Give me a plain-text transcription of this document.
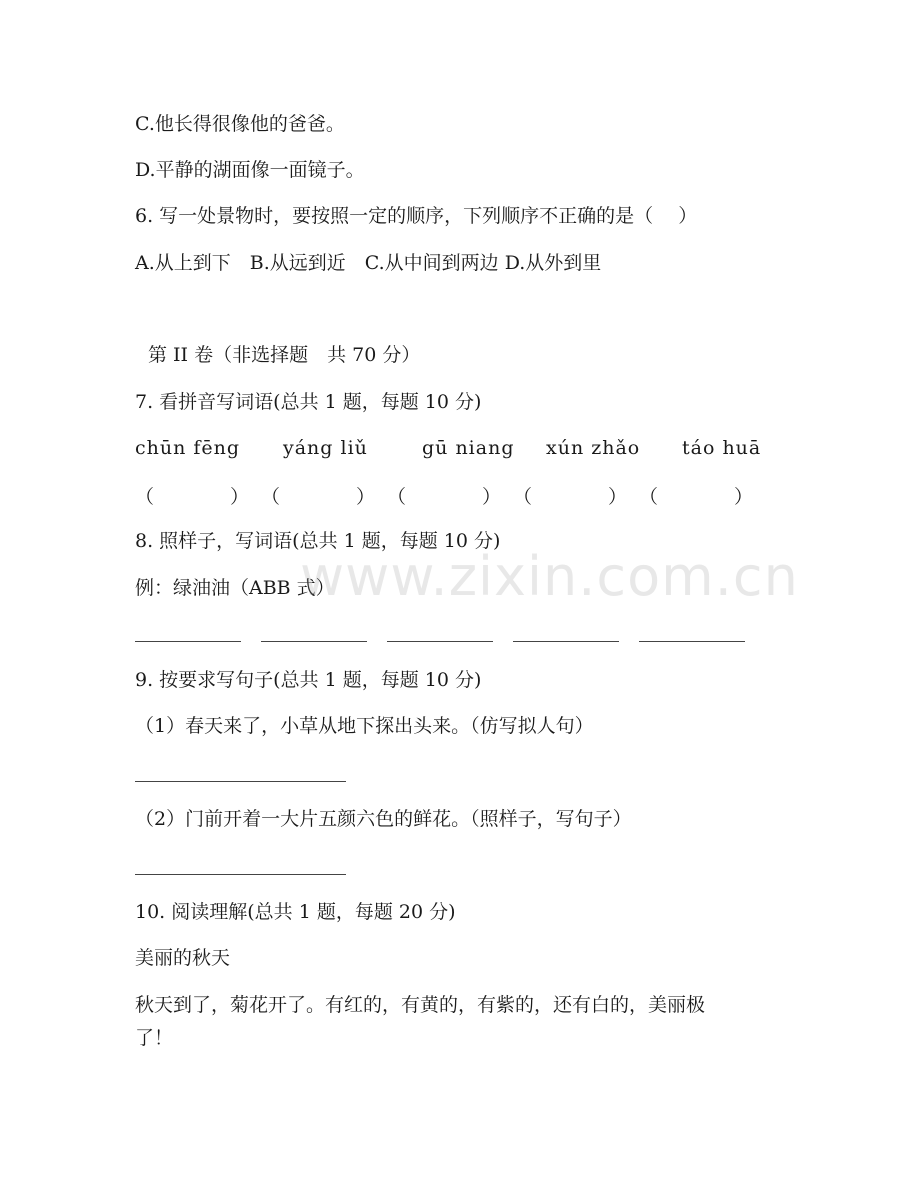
C.他长得很像他的爸爸。
D.平静的湖面像一面镜子。
6. 写一处景物时，要按照一定的顺序，下列顺序不正确的是（　 ）
A.从上到下　B.从远到近　C.从中间到两边 D.从外到里
第 II 卷（非选择题　共 70 分）
7. 看拼音写词语(总共 1 题，每题 10 分)
chūn fēng yáng liǔ	gū niang xún zhǎo táo huā
（　　　　） （　　　　） （　　　　） （　　　　） （　　　　）
8. 照样子，写词语(总共 1 题，每题 10 分)
例：绿油油（ABB 式）
9. 按要求写句子(总共 1 题，每题 10 分)
（1）春天来了，小草从地下探出头来。（仿写拟人句）
（2）门前开着一大片五颜六色的鲜花。（照样子，写句子）
10. 阅读理解(总共 1 题，每题 20 分)
美丽的秋天
秋天到了，菊花开了。有红的，有黄的，有紫的，还有白的，美丽极
了！
www.zixin.com.cn
